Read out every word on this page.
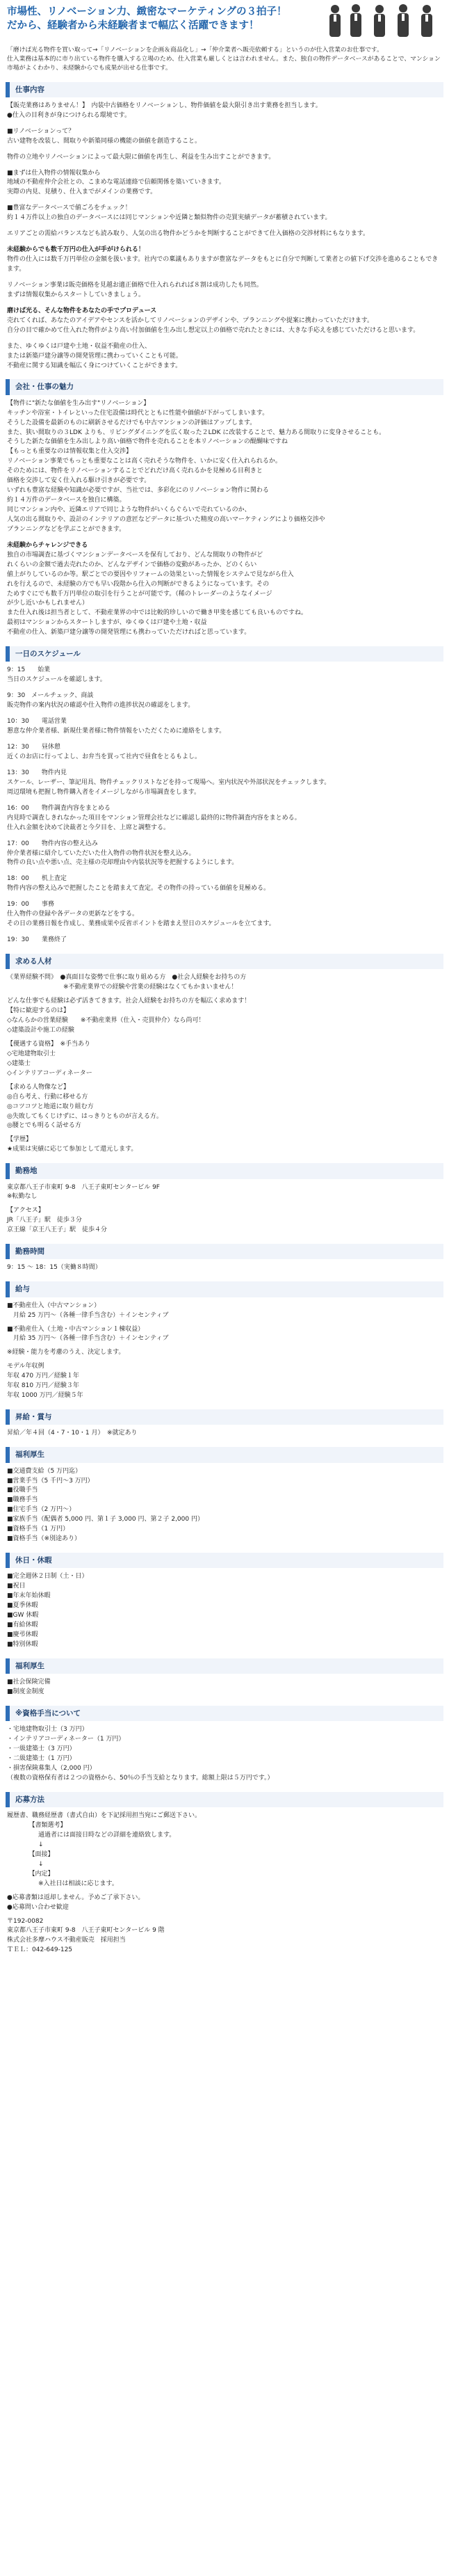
市場性、リノベーション力、緻密なマーケティングの３拍子！
だから、経験者から未経験者まで幅広く活躍できます！
「磨けば光る物件を買い取って→「リノベーションを企画＆商品化し」→「仲介業者へ販売依頼する」というのが仕入営業のお仕事です。
仕入業務は基本的に市り出ている物件を購入する立場のため、仕入営業も厳しくとは言われません。また、独自の物件データベースがあることで、マンション市場がよくわかり、未経験からでも成果が出せる仕事です。
仕事内容

【販売業務はありません！】　内装中古価格をリノベーションし、物件価値を最大限引き出す業務を担当します。
●仕入の目利きが身につけられる環境です。

■リノベーションって？
古い建物を改装し、間取りや新築同様の機能の価値を創造すること。

物件の立地やリノベーションによって最大限に価値を再生し、利益を生み出すことができます。

■まずは仕入物件の情報収集から
地域の不動産仲介会社との、こまめな電話連絡で信頼関係を築いていきます。
実際の内見、見積り、仕入までがメインの業務です。

■豊富なデータベースで値ごろをチェック！
約１４万件以上の独自のデータベースには同じマンションや近隣と類似物件の売買実績データが蓄積されています。

エリアごとの需給バランスなども読み取り、人気の出る物件かどうかを判断することができて仕入価格の交渉材料にもなります。

未経験からでも数千万円の仕入が手がけられる！
物件の仕入には数千万円単位の金額を扱います。社内での稟議もありますが豊富なデータをもとに自分で判断して業者との値下げ交渉を進めることもできます。

リノベーション事業は販売価格を見越お適正価格で仕入れられれば８割は成功したも同然。
まずは情報収集からスタートしていきましょう。

磨けば光る、そんな物件をあなたの手でプロデュース
売れてくれば、あなたのアイデアやセンスを活かしてリノベーションのデザインや、プランニングや提案に携わっていただけます。
自分の目で確かめて仕入れた物件がより高い付加価値を生み出し想定以上の価格で売れたときには、大きな手応えを感じていただけると思います。

また、ゆくゆくは戸建や土地・収益不動産の仕入、
または新築戸建分譲等の開発管理に携わっていくことも可能。
不動産に関する知識を幅広く身につけていくことができます。

会社・仕事の魅力

【物件に"新たな価値を生み出す"リノベーション】
キッチンや浴室・トイレといった住宅設備は時代とともに性能や価値が下がってしまいます。
そうした設備を最新のものに刷新させるだけでも中古マンションの評価はアップします。
また、狭い間取りの３LDK よりも、リビングダイニングを広く取った２LDK に改装することで、魅力ある間取りに変身させることも。
そうした新たな価値を生み出しより高い価格で物件を売れることを本リノベーションの醍醐味ですね
【もっとも重要なのは情報収集と仕入交渉】
リノベーション事業でもっとも重要なことは高く売れそうな物件を、いかに安く仕入れられるか。
そのためには、物件をリノベーションすることでどれだけ高く売れるかを見極める目利きと
価格を交渉して安く仕入れる駆け引きが必要です。
いずれも豊富な経験や知識が必要ですが、当社では、多彩化にのリノベーション物件に関わる
約１４万件のデータベースを独自に構築。
同じマンション内や、近隣エリアで同じような物件がいくらぐらいで売れているのか、
人気の出る間取りや、設計のインテリアの意匠などデータに基づいた精度の高いマーケティングにより価格交渉や
プランニングなどを学ぶことができます。

未経験からチャレンジできる
独自の市場調査に基づくマンションデータベースを保有しており、どんな間取りの物件がど
れくらいの金額で過去売れたのか、どんなデザインで価格の変動があったか、どのくらい
値上がりしているのか等。駅ごとでの要因やリフォームの効果といった情報をシステムで見ながら仕入
れを行えるので、未経験の方でも早い段階から仕入の判断ができるようになっています。その
ためすぐにでも数千万円単位の取引を行うことが可能です。（稀のトレーダーのようなイメージ
が少し近いかもしれません）
また仕入れ後は担当者として、不動産業界の中では比較的珍しいので働き甲斐を感じても良いものですね。
最初はマンションからスタートしますが、ゆくゆくは戸建や土地・収益
不動産の仕入、新築戸建分譲等の開発管理にも携わっていただければと思っています。

一日のスケジュール
9：15　　始業
当日のスケジュールを確認します。
9：30　メールチェック、商談
販売物件の案内状況の確認や仕入物件の進捗状況の確認をします。
10：30　　電話営業
懇意な仲介業者様、新規仕業者様に物件情報をいただくために連絡をします。
12：30　　昼休憩
近くのお店に行ってよし、お弁当を買って社内で昼食をとるもよし。
13：30　　物件内見
スケール、レーザー、筆記用具、物件チェックリストなどを持って現場へ。室内状況や外部状況をチェックします。
周辺環境も把握し物件購入者をイメージしながら市場調査をします。
16：00　　物件調査内容をまとめる
内見時で調査しきれなかった項目をマンション管理会社などに確認し最終的に物件調査内容をまとめる。
仕入れ金額を決めて決裁者と今夕目を、上席と調整する。
17：00　　物件内容の整え込み
仲介業者様に紹介していただいた仕入物件の物件状況を整え込み。
物件の良い点や悪い点、売主様の売却理由や内装状況等を把握するようにします。
18：00　　机上査定
物件内容の整え込みで把握したことを踏まえて査定。その物件の持っている価値を見極める。
19：00　　事務
仕入物件の登録や各データの更新などをする。
その日の業務日報を作成し、業務成果や反省ポイントを踏まえ翌日のスケジュールを立てます。
19：30　　業務終了
求める人材
《業界経験不問》　●真面目な姿勢で仕事に取り組める方　●社会人経験をお持ちの方
　　　　　　　　　※不動産業界での経験や営業の経験はなくてもかまいません！
どんな仕事でも経験は必ず活きてきます。社会人経験をお持ちの方を幅広く求めます！
【特に歓迎するのは】
◇なんらかの営業経験　　※不動産業界（仕入・売買仲介）なら尚可！
◇建築設計や施工の経験
【優遇する資格】　※手当あり
◇宅地建物取引士
◇建築士
◇インテリアコーディネーター
【求める人物像など】
◎自ら考え、行動に移せる方
◎コツコツと地道に取り組む方
◎失敗してもくじけずに、はっきりとものが言える方。
◎腰とでも明るく話せる方
【学歴】
★成果は実績に応じて参加として還元します。
勤務地
東京都八王子市東町 9-8　八王子東町センタービル 9F
※転勤なし
【アクセス】
JR「八王子」駅　徒歩３分
京王線「京王八王子」駅　徒歩４分
勤務時間
9：15 ～ 18：15（実働８時間）
給与
■不動産仕入（中古マンション）
　月給 25 万円～（各種一律手当含む）＋インセンティブ
■不動産仕入（土地・中古マンション１棟収益）
　月給 35 万円～（各種一律手当含む）＋インセンティブ
※経験・能力を考慮のうえ、決定します。
モデル年収例
年収 470 万円／経験１年
年収 810 万円／経験３年
年収 1000 万円／経験５年
昇給・賞与
昇給／年４回（4・7・10・1 月）　※就定あり
福利厚生
■交通費支給（5 万円迄）
■営業手当（5 千円～3 万円）
■役職手当
■職務手当
■住宅手当（2 万円～）
■家族手当（配偶者 5,000 円、第１子 3,000 円、第２子 2,000 円）
■資格手当（1 万円）
■資格手当（※別途あり）
休日・休暇
■完全週休２日制（土・日）
■祝日
■年末年始休暇
■夏季休暇
■GW 休暇
■有給休暇
■慶弔休暇
■特別休暇
福利厚生
■社会保険完備
■制度金制度
※資格手当について
・宅地建物取引士（3 万円）
・インテリアコーディネーター（1 万円）
・一級建築士（3 万円）
・二級建築士（1 万円）
・損害保険募集人（2,000 円）
（複数の資格保有者は２つの資格から、50％の手当支給となります。総額上限は５万円です。）
応募方法
履歴書、職務経歴書（書式自由）を下記採用担当宛にご郵送下さい。
　　　　【書類選考】
　　　　　通過者には面接日時などの詳細を連絡致します。
　　　　　↓
　　　　【面接】
　　　　　↓
　　　　【内定】
　　　　　※入社日は相談に応じます。
●応募書類は返却しません。予めご了承下さい。
●応募問い合わせ歓迎
〒192-0082
東京都八王子市東町 9-8　八王子東町センタービル 9 階
株式会社多摩ハウス不動産販売　採用担当
ＴＥＬ：042-649-125
